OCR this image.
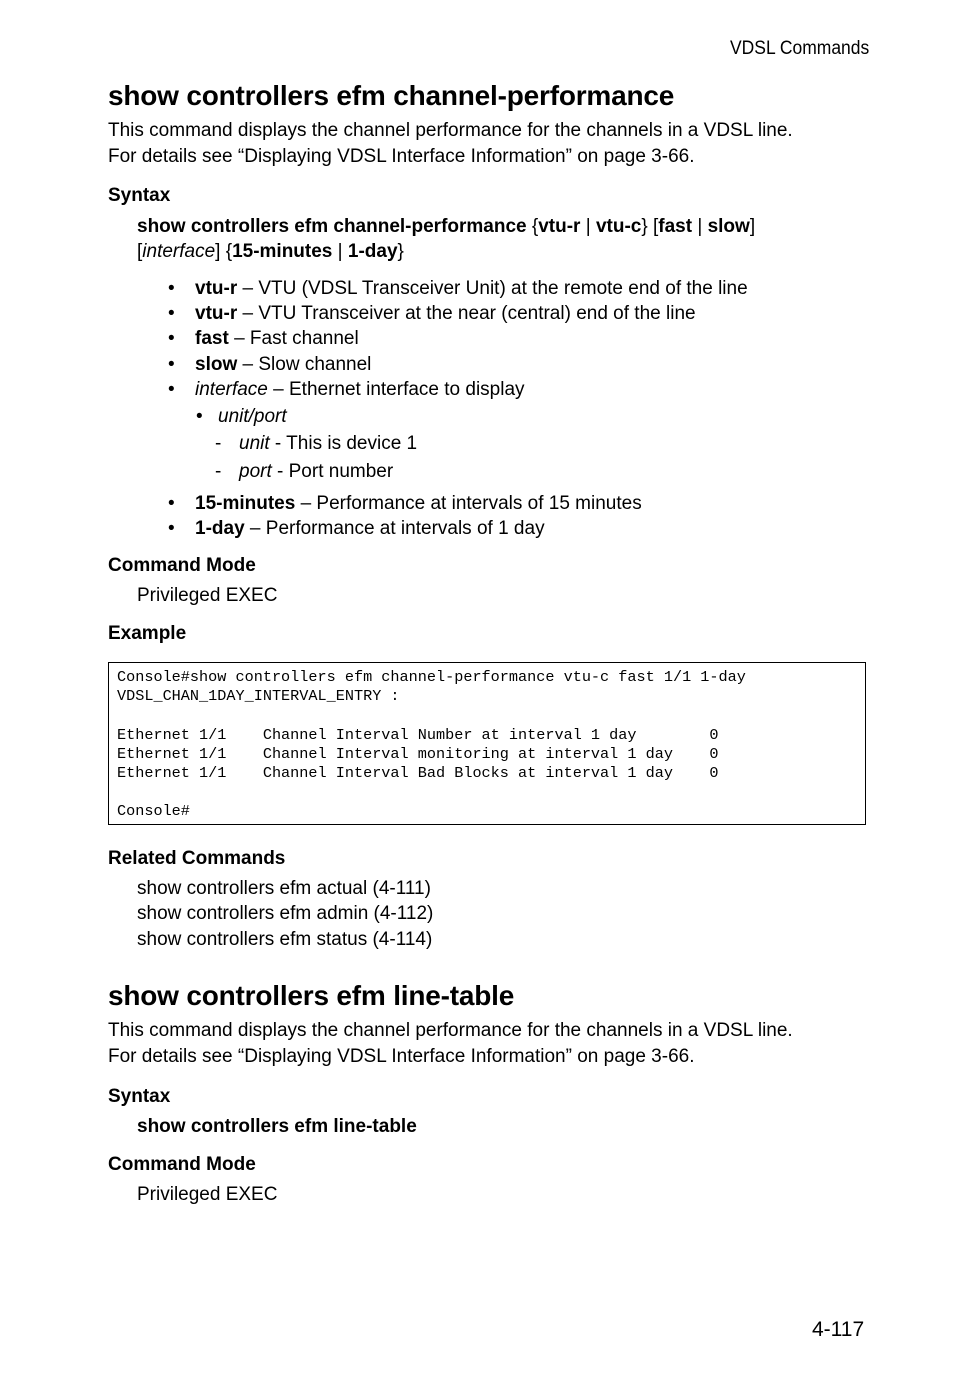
VDSL Commands
show controllers efm channel-performance
This command displays the channel performance for the channels in a VDSL line.
For details see “Displaying VDSL Interface Information” on page 3-66.
Syntax
show controllers efm channel-performance {vtu-r | vtu-c} [fast | slow]
[interface] {15-minutes | 1-day}
• vtu-r – VTU (VDSL Transceiver Unit) at the remote end of the line
• vtu-r – VTU Transceiver at the near (central) end of the line
• fast – Fast channel
• slow – Slow channel
• interface – Ethernet interface to display
• unit/port
- unit - This is device 1
- port - Port number
• 15-minutes – Performance at intervals of 15 minutes
• 1-day – Performance at intervals of 1 day
Command Mode
Privileged EXEC
Example
Console#show controllers efm channel-performance vtu-c fast 1/1 1-day
VDSL_CHAN_1DAY_INTERVAL_ENTRY :

Ethernet 1/1    Channel Interval Number at interval 1 day        0
Ethernet 1/1    Channel Interval monitoring at interval 1 day    0
Ethernet 1/1    Channel Interval Bad Blocks at interval 1 day    0

Console#
Related Commands
show controllers efm actual (4-111)
show controllers efm admin (4-112)
show controllers efm status (4-114)
show controllers efm line-table
This command displays the channel performance for the channels in a VDSL line.
For details see “Displaying VDSL Interface Information” on page 3-66.
Syntax
show controllers efm line-table
Command Mode
Privileged EXEC
4-117
